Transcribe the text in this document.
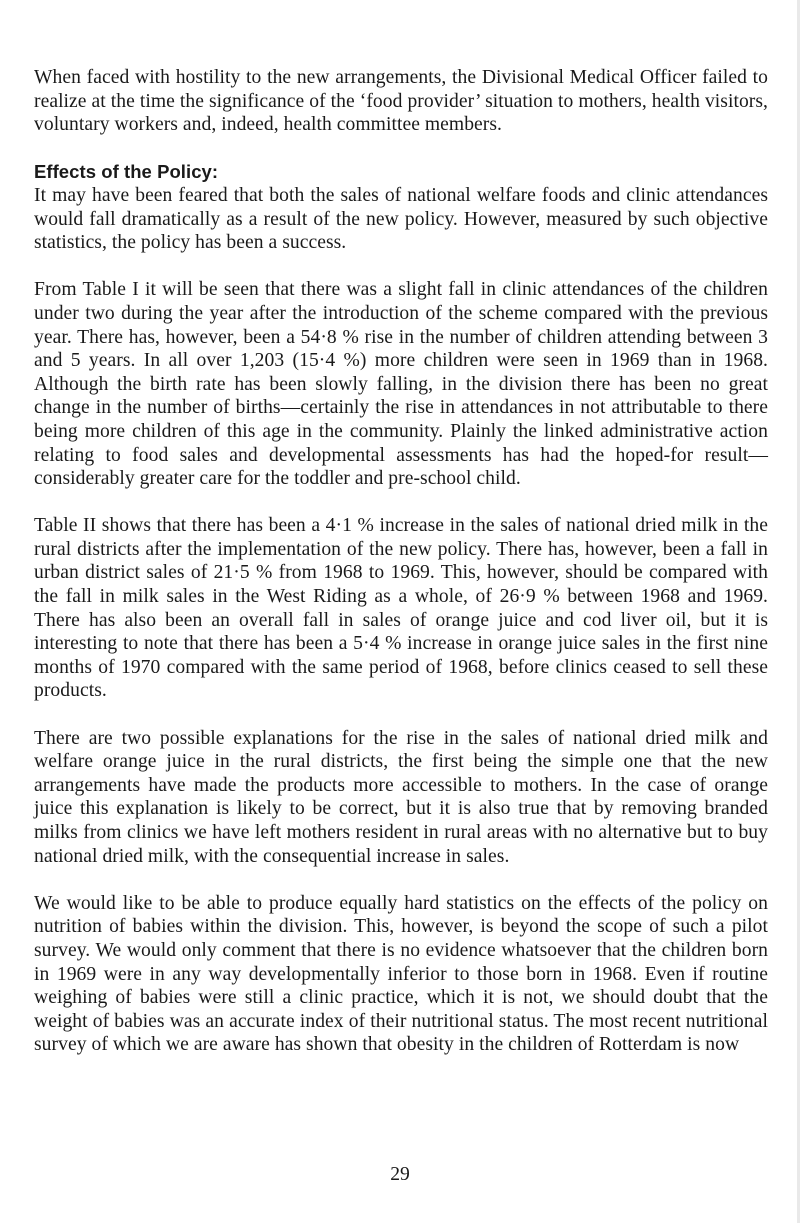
When faced with hostility to the new arrangements, the Divisional Medical Officer failed to realize at the time the significance of the ‘food provider’ situation to mothers, health visitors, voluntary workers and, indeed, health committee members.

Effects of the Policy:

It may have been feared that both the sales of national welfare foods and clinic attendances would fall dramatically as a result of the new policy. However, measured by such objective statistics, the policy has been a success.

From Table I it will be seen that there was a slight fall in clinic attendances of the children under two during the year after the introduction of the scheme compared with the previous year. There has, however, been a 54·8 % rise in the number of children attending between 3 and 5 years. In all over 1,203 (15·4 %) more children were seen in 1969 than in 1968. Although the birth rate has been slowly falling, in the division there has been no great change in the number of births—certainly the rise in attendances in not attributable to there being more children of this age in the community. Plainly the linked administrative action relating to food sales and developmental assessments has had the hoped-for result—considerably greater care for the toddler and pre-school child.

Table II shows that there has been a 4·1 % increase in the sales of national dried milk in the rural districts after the implementation of the new policy. There has, however, been a fall in urban district sales of 21·5 % from 1968 to 1969. This, however, should be compared with the fall in milk sales in the West Riding as a whole, of 26·9 % between 1968 and 1969. There has also been an overall fall in sales of orange juice and cod liver oil, but it is interesting to note that there has been a 5·4 % increase in orange juice sales in the first nine months of 1970 compared with the same period of 1968, before clinics ceased to sell these products.

There are two possible explanations for the rise in the sales of national dried milk and welfare orange juice in the rural districts, the first being the simple one that the new arrangements have made the products more accessible to mothers. In the case of orange juice this explanation is likely to be correct, but it is also true that by removing branded milks from clinics we have left mothers resident in rural areas with no alternative but to buy national dried milk, with the consequential increase in sales.

We would like to be able to produce equally hard statistics on the effects of the policy on nutrition of babies within the division. This, however, is beyond the scope of such a pilot survey. We would only comment that there is no evidence whatsoever that the children born in 1969 were in any way developmentally inferior to those born in 1968. Even if routine weighing of babies were still a clinic practice, which it is not, we should doubt that the weight of babies was an accurate index of their nutritional status. The most recent nutritional survey of which we are aware has shown that obesity in the children of Rotterdam is now

29
